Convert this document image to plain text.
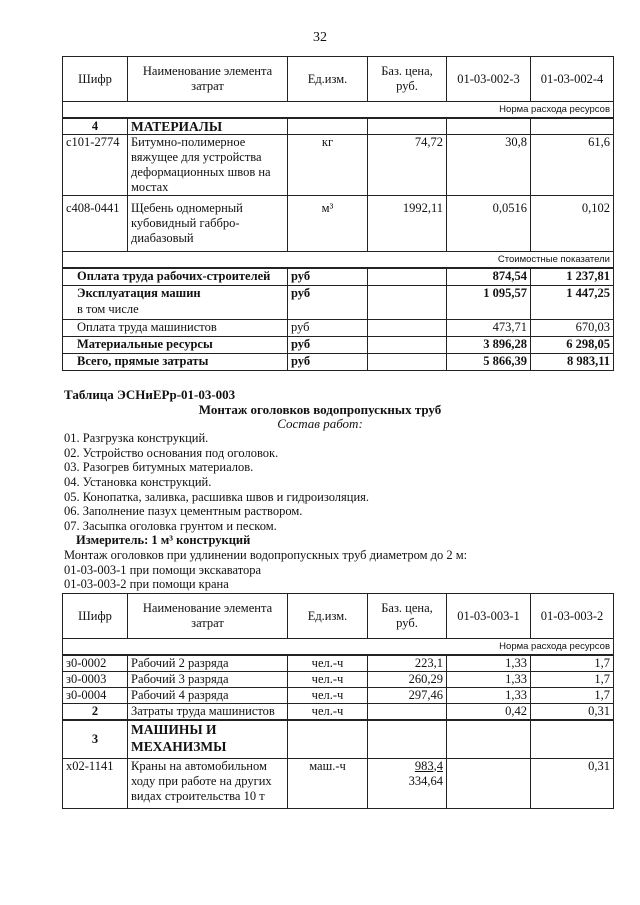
32
Шифр	Наименование элемента
затрат	Ед.изм.	Баз. цена,
руб.	01-03-002-3	01-03-002-4
Норма расхода ресурсов					
4	МАТЕРИАЛЫ				
с101-2774	Битумно-полимерное
вяжущее для устройства
деформационных швов на
мостах	кг	74,72	30,8	61,6
с408-0441	Щебень одномерный
кубовидный габбро-
диабазовый	м³	1992,11	0,0516	0,102
Стоимостные показатели					
Оплата труда рабочих-строителей		руб		874,54	1 237,81
Эксплуатация машин		руб		1 095,57	1 447,25
в том числе					
Оплата труда машинистов		руб		473,71	670,03
Материальные ресурсы		руб		3 896,28	6 298,05
Всего, прямые затраты		руб		5 866,39	8 983,11
Таблица ЭСНиЕРр-01-03-003
Монтаж оголовков водопропускных труб
Состав работ:
01. Разгрузка конструкций.
02. Устройство основания под оголовок.
03. Разогрев битумных материалов.
04. Установка конструкций.
05. Конопатка, заливка, расшивка швов и гидроизоляция.
06. Заполнение пазух цементным раствором.
07. Засыпка оголовка грунтом и песком.
Измеритель: 1 м³ конструкций
Монтаж оголовков при удлинении водопропускных труб диаметром до 2 м:
01-03-003-1 при помощи экскаватора
01-03-003-2 при помощи крана
Шифр	Наименование элемента
затрат	Ед.изм.	Баз. цена,
руб.	01-03-003-1	01-03-003-2
Норма расхода ресурсов					
з0-0002	Рабочий 2 разряда	чел.-ч	223,1	1,33	1,7
з0-0003	Рабочий 3 разряда	чел.-ч	260,29	1,33	1,7
з0-0004	Рабочий 4 разряда	чел.-ч	297,46	1,33	1,7
2	Затраты труда машинистов	чел.-ч		0,42	0,31
3	МАШИНЫ И
МЕХАНИЗМЫ				
х02-1141	Краны на автомобильном
ходу при работе на других
видах строительства 10 т	маш.-ч	983,4
334,64		0,31
